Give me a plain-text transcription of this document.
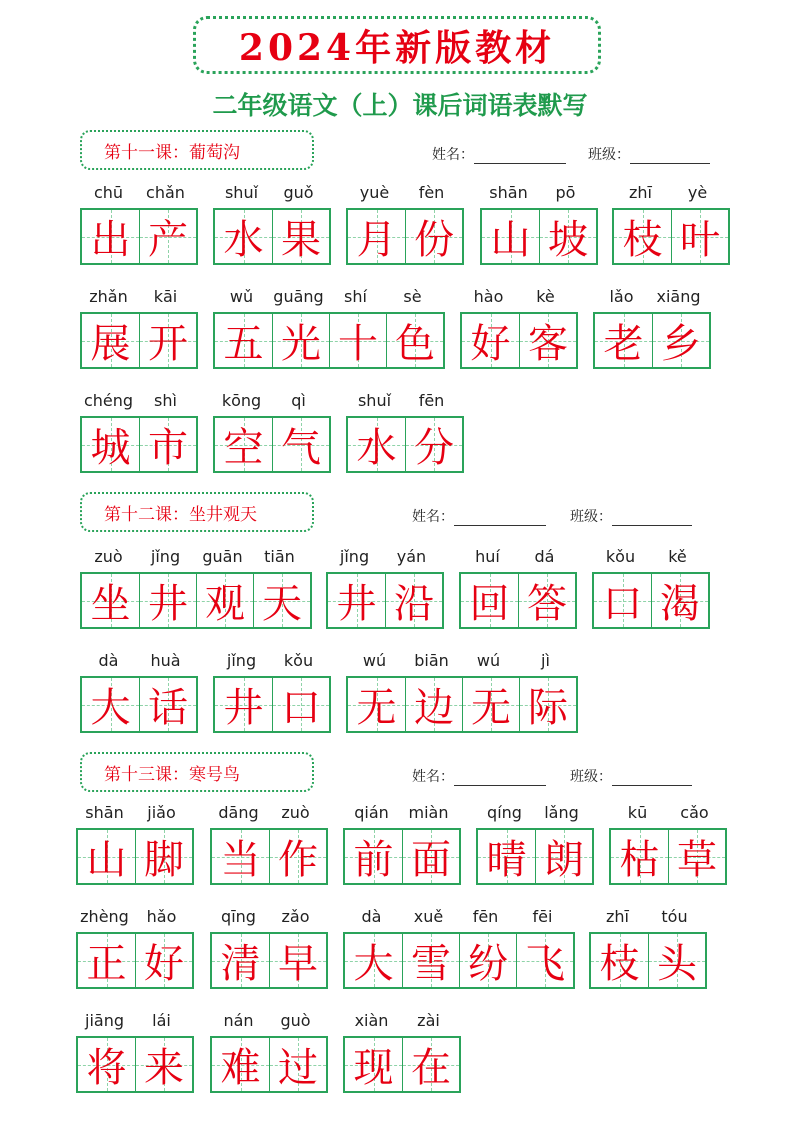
2024年新版教材
二年级语文（上）课后词语表默写
第十一课：葡萄沟	姓名：	班级：
chū	chǎn
出 产
shuǐ	guǒ
水 果
yuè	fèn
月 份
shān	pō
山 坡
zhī	yè
枝 叶
zhǎn	kāi
展 开
wǔ	guāng	shí	sè
五 光 十 色
hào	kè
好 客
lǎo	xiāng
老 乡
chéng	shì
城 市
kōng	qì
空 气
shuǐ	fēn
水 分
第十二课：坐井观天	姓名：	班级：
zuò	jǐng	guān	tiān
坐 井 观 天
jǐng	yán
井 沿
huí	dá
回 答
kǒu	kě
口 渴
dà	huà
大 话
jǐng	kǒu
井 口
wú	biān	wú	jì
无 边 无 际
第十三课：寒号鸟	姓名：	班级：
shān	jiǎo
山 脚
dāng	zuò
当 作
qián	miàn
前 面
qíng	lǎng
晴 朗
kū	cǎo
枯 草
zhèng	hǎo
正 好
qīng	zǎo
清 早
dà	xuě	fēn	fēi
大 雪 纷 飞
zhī	tóu
枝 头
jiāng	lái
将 来
nán	guò
难 过
xiàn	zài
现 在
